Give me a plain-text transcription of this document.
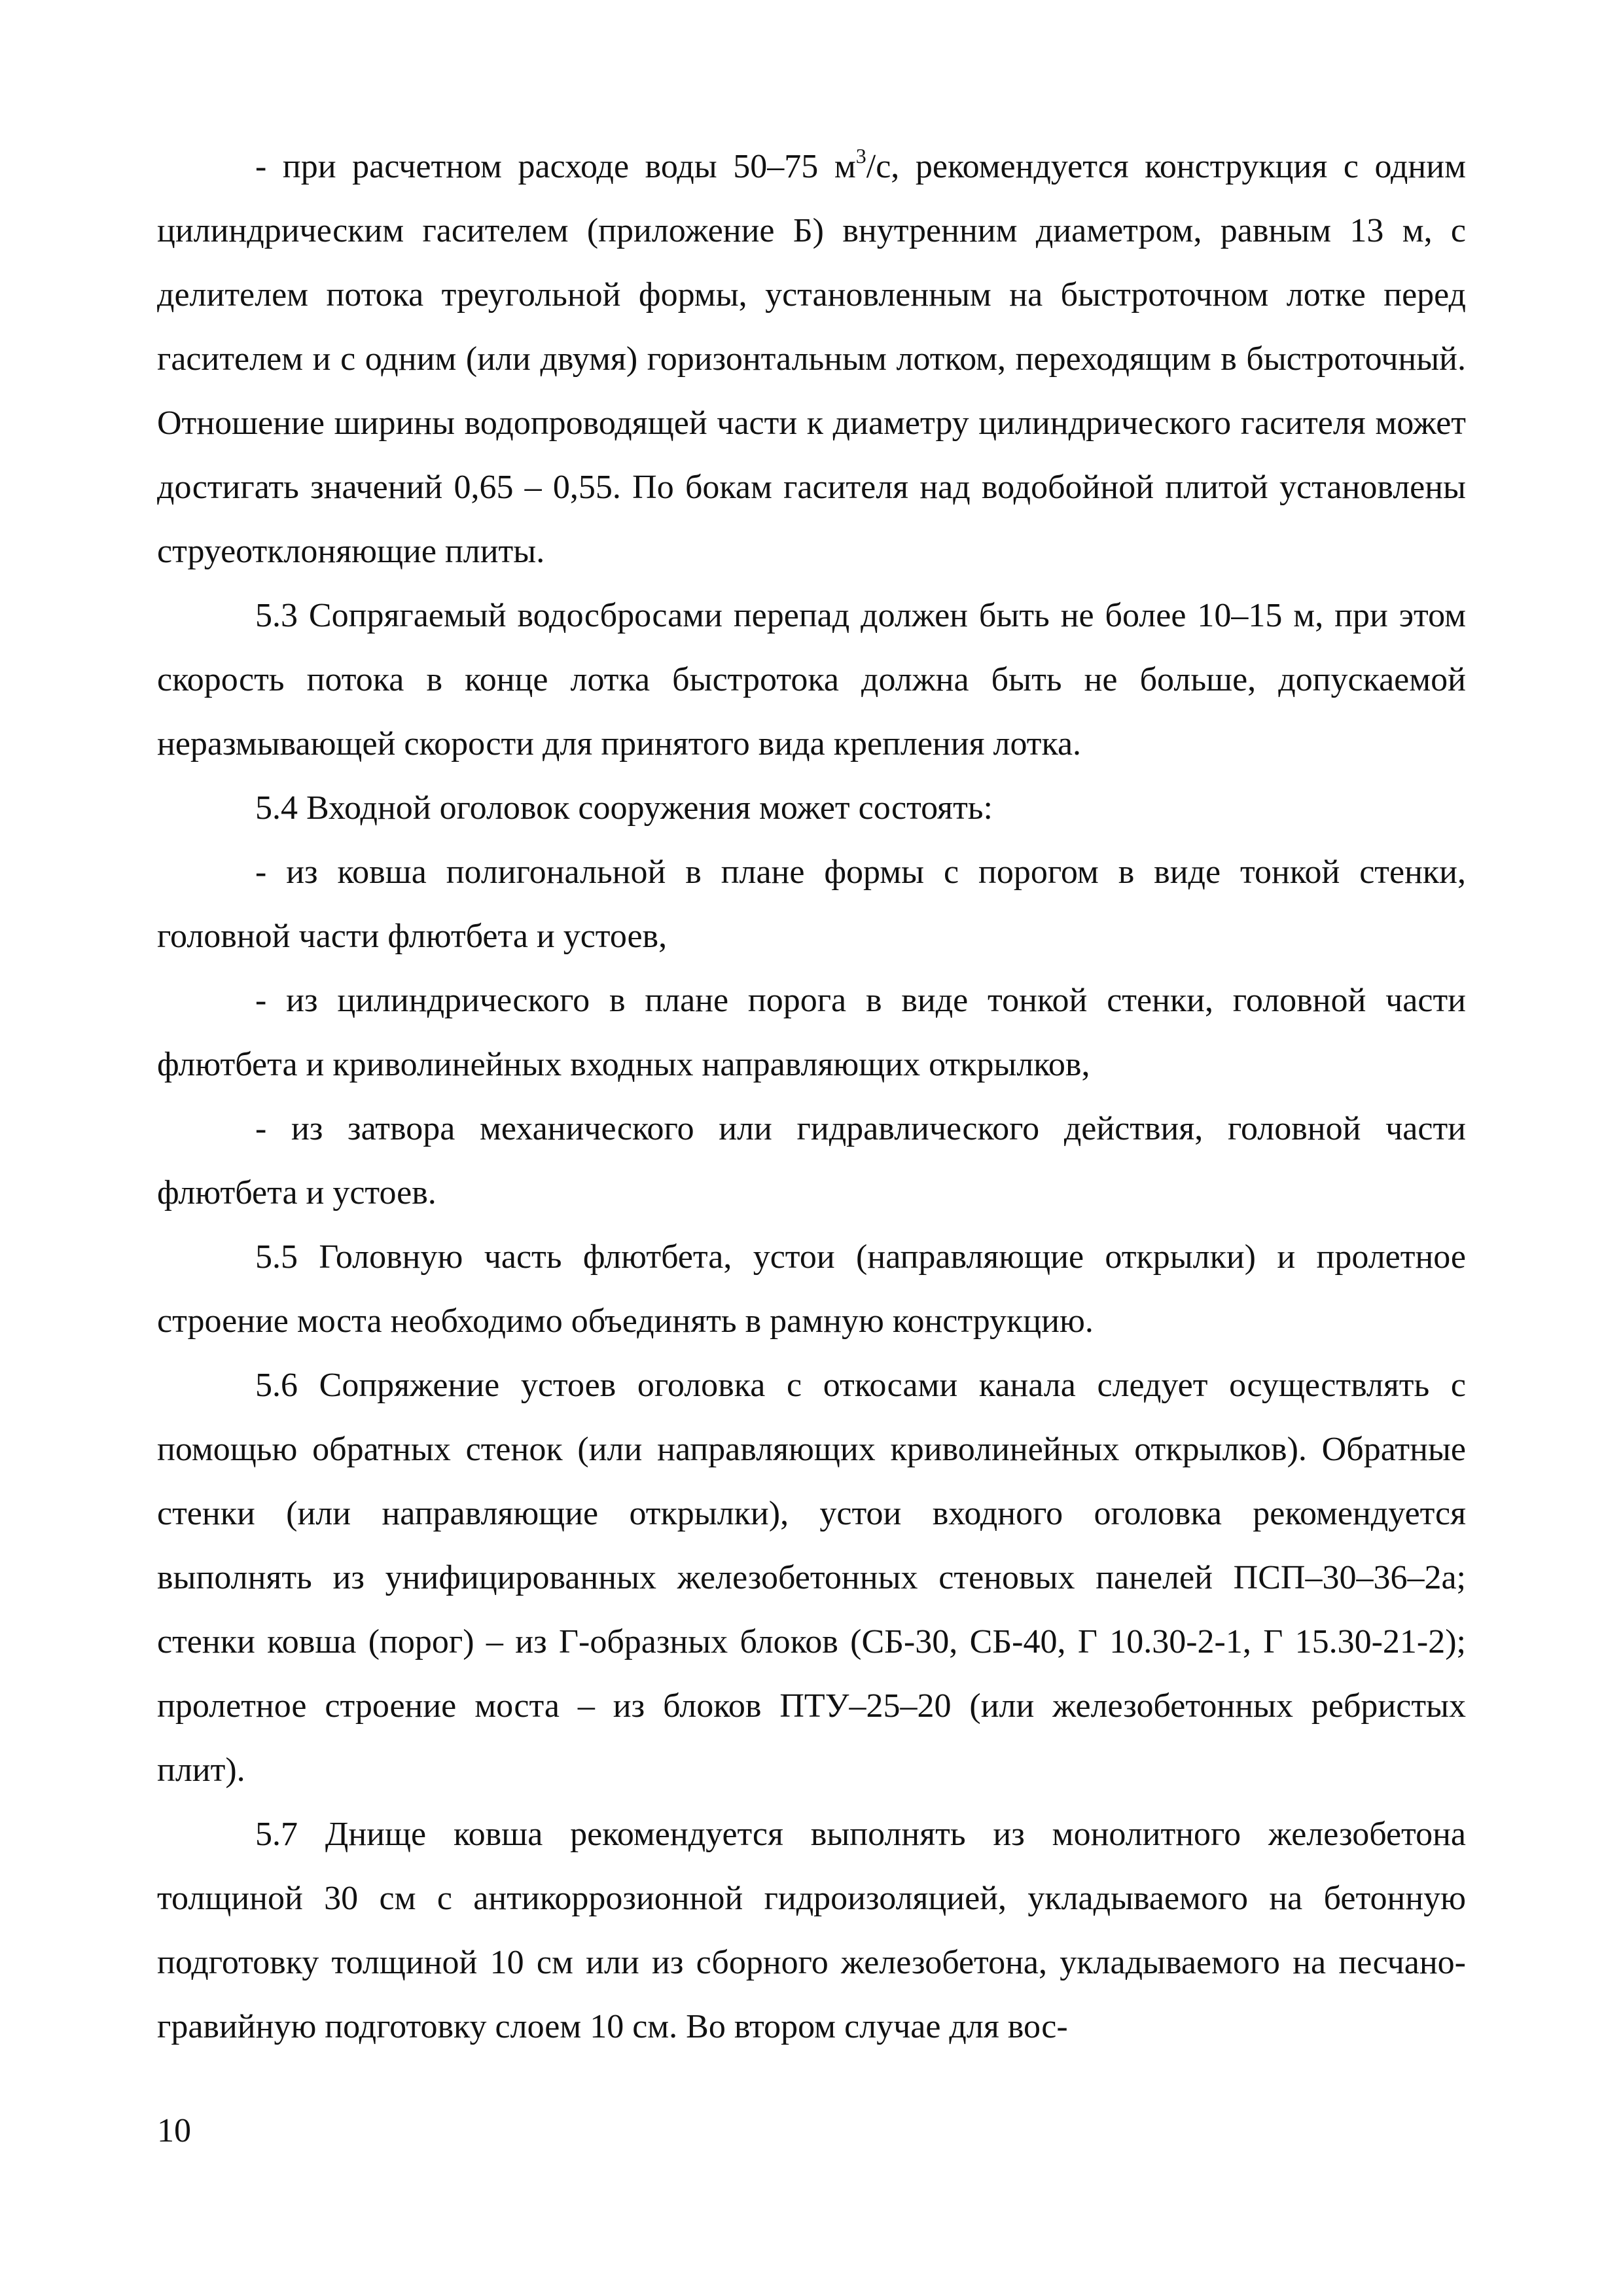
- при расчетном расходе воды 50–75 $м^3/с$, рекомендуется конструкция с одним цилиндрическим гасителем (приложение Б) внутренним диаметром, равным 13 м, с делителем потока треугольной формы, установленным на быстроточном лотке перед гасителем и с одним (или двумя) горизонтальным лотком, переходящим в быстроточный. Отношение ширины водопроводящей части к диаметру цилиндрического гасителя может достигать значений 0,65 – 0,55. По бокам гасителя над водобойной плитой установлены струеотклоняющие плиты.

5.3 Сопрягаемый водосбросами перепад должен быть не более 10–15 м, при этом скорость потока в конце лотка быстротока должна быть не больше, допускаемой неразмывающей скорости для принятого вида крепления лотка.

5.4 Входной оголовок сооружения может состоять:

- из ковша полигональной в плане формы с порогом в виде тонкой стенки, головной части флютбета и устоев,

- из цилиндрического в плане порога в виде тонкой стенки, головной части флютбета и криволинейных входных направляющих открылков,

- из затвора механического или гидравлического действия, головной части флютбета и устоев.

5.5 Головную часть флютбета, устои (направляющие открылки) и пролетное строение моста необходимо объединять в рамную конструкцию.

5.6 Сопряжение устоев оголовка с откосами канала следует осуществлять с помощью обратных стенок (или направляющих криволинейных открылков). Обратные стенки (или направляющие открылки), устои входного оголовка рекомендуется выполнять из унифицированных железобетонных стеновых панелей ПСП–30–36–2а; стенки ковша (порог) – из Г-образных блоков (СБ-30, СБ-40, Г 10.30-2-1, Г 15.30-21-2); пролетное строение моста – из блоков ПТУ–25–20 (или железобетонных ребристых плит).

5.7 Днище ковша рекомендуется выполнять из монолитного железобетона толщиной 30 см с антикоррозионной гидроизоляцией, укладываемого на бетонную подготовку толщиной 10 см или из сборного железобетона, укладываемого на песчано-гравийную подготовку слоем 10 см. Во втором случае для вос-

10
